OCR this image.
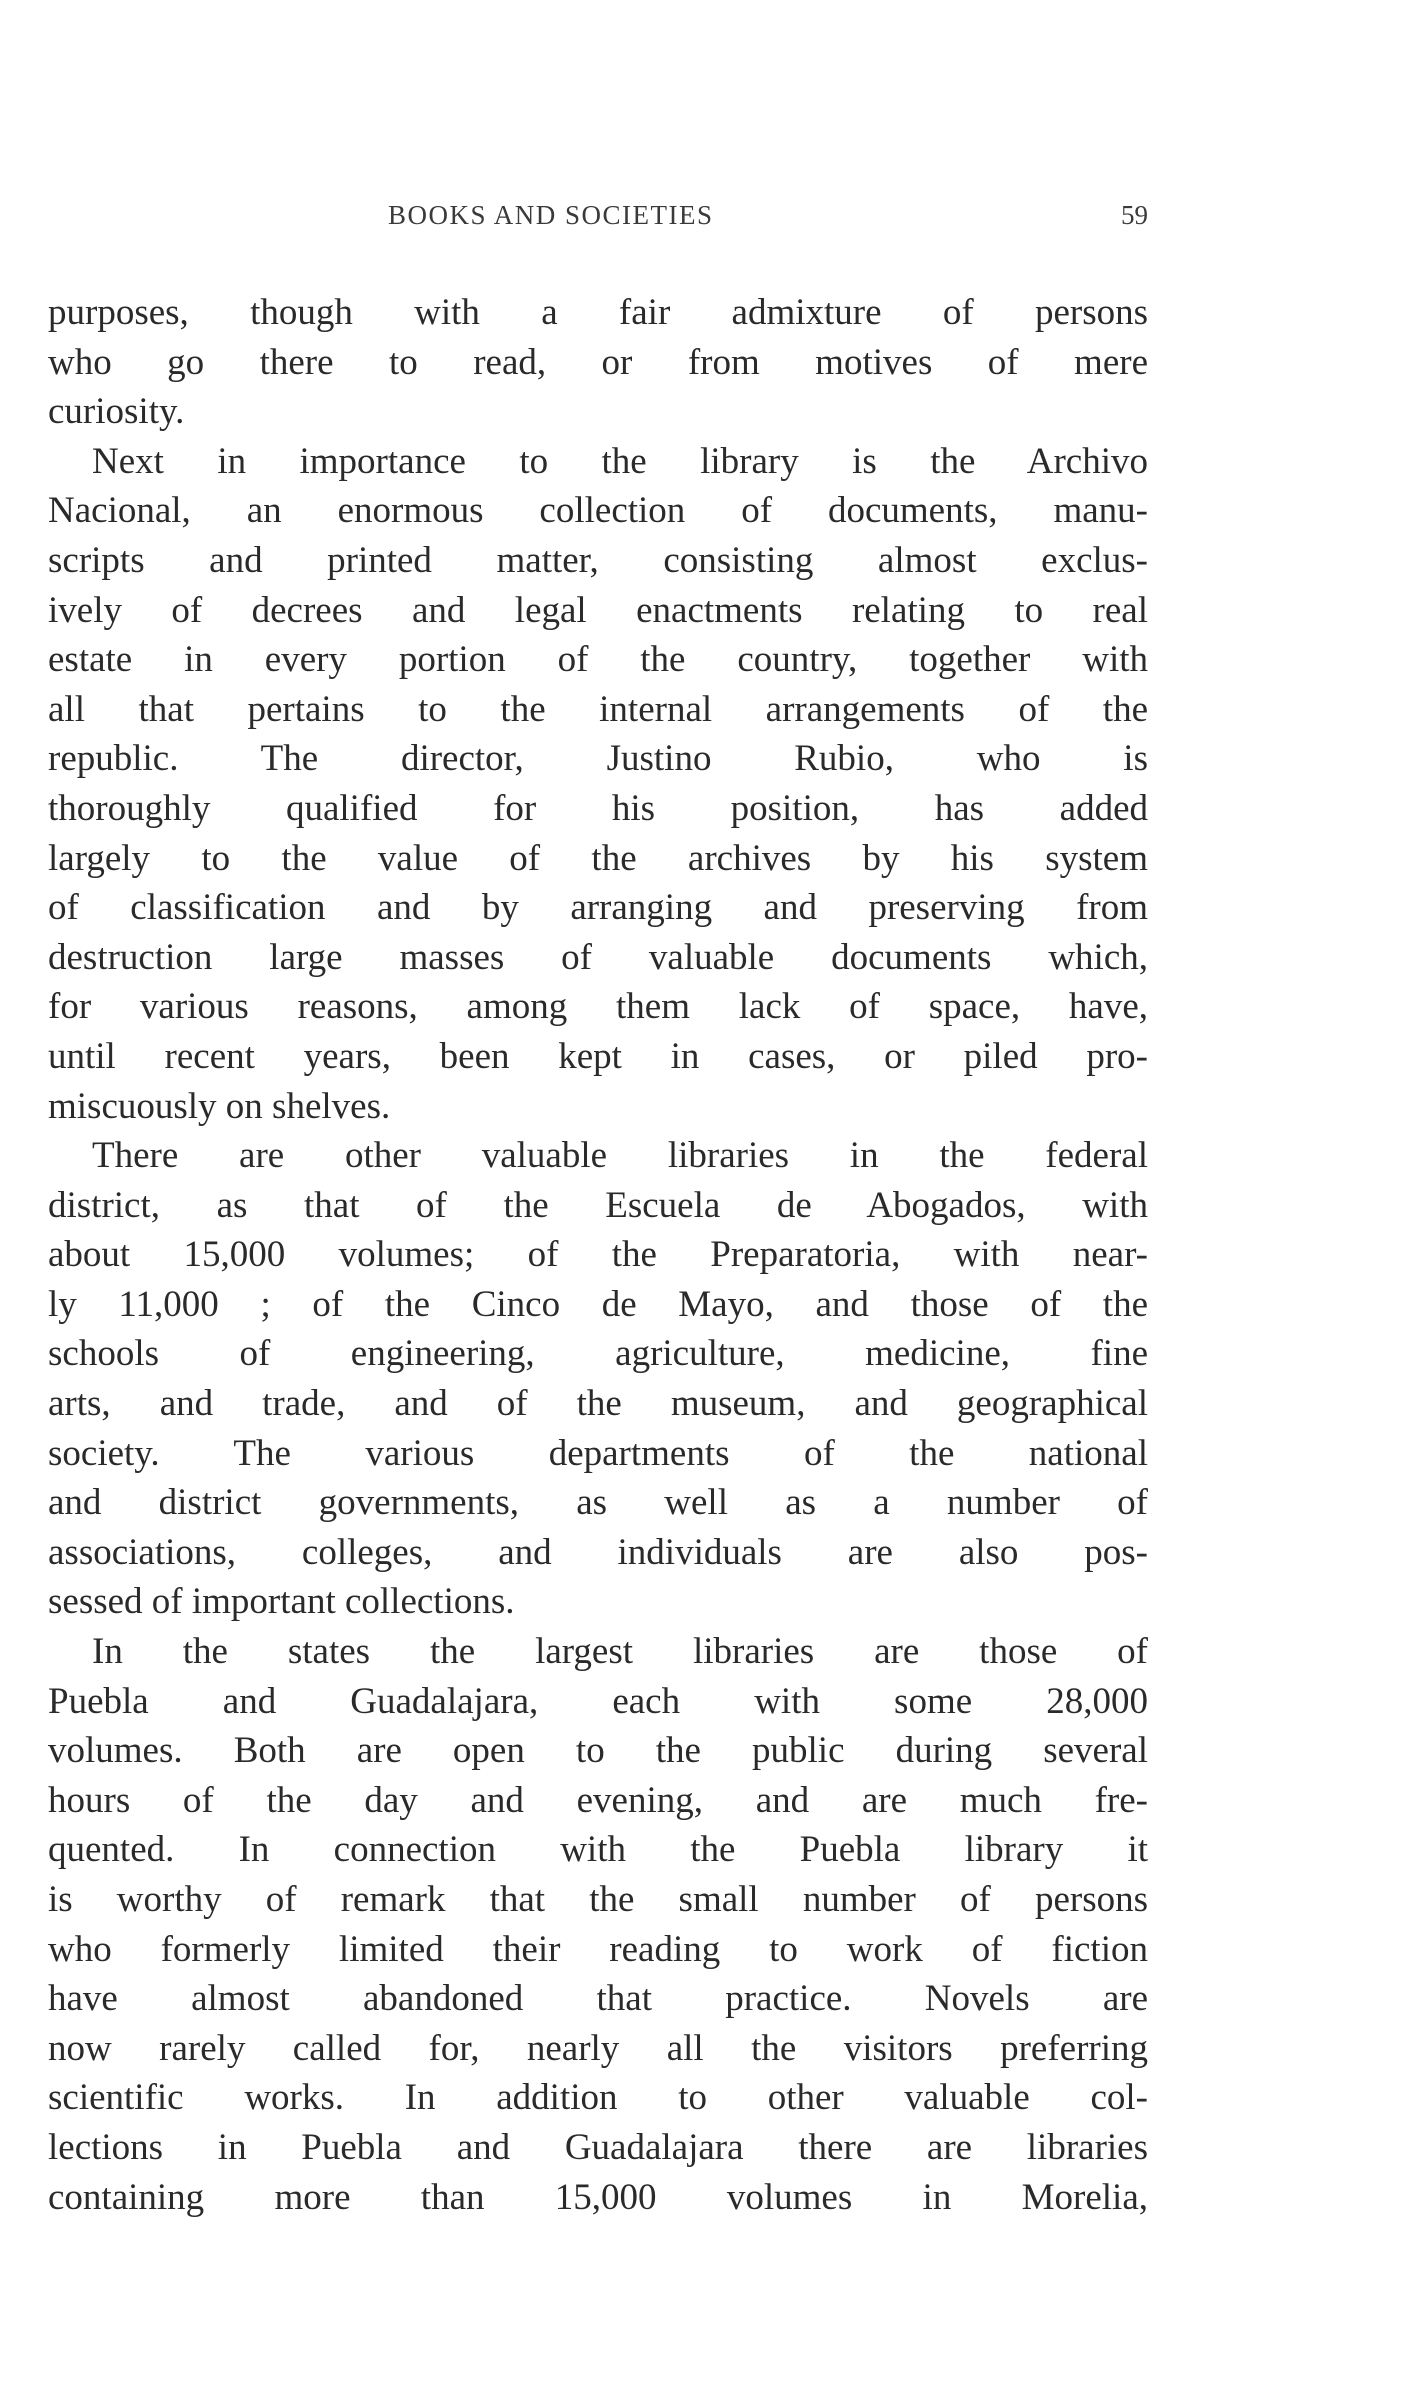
BOOKS AND SOCIETIES	59
purposes, though with a fair admixture of persons
who go there to read, or from motives of mere
curiosity.
Next in importance to the library is the Archivo
Nacional, an enormous collection of documents, manu-
scripts and printed matter, consisting almost exclus-
ively of decrees and legal enactments relating to real
estate in every portion of the country, together with
all that pertains to the internal arrangements of the
republic. The director, Justino Rubio, who is
thoroughly qualified for his position, has added
largely to the value of the archives by his system
of classification and by arranging and preserving from
destruction large masses of valuable documents which,
for various reasons, among them lack of space, have,
until recent years, been kept in cases, or piled pro-
miscuously on shelves.
There are other valuable libraries in the federal
district, as that of the Escuela de Abogados, with
about 15,000 volumes; of the Preparatoria, with near-
ly 11,000 ; of the Cinco de Mayo, and those of the
schools of engineering, agriculture, medicine, fine
arts, and trade, and of the museum, and geographical
society. The various departments of the national
and district governments, as well as a number of
associations, colleges, and individuals are also pos-
sessed of important collections.
In the states the largest libraries are those of
Puebla and Guadalajara, each with some 28,000
volumes. Both are open to the public during several
hours of the day and evening, and are much fre-
quented. In connection with the Puebla library it
is worthy of remark that the small number of persons
who formerly limited their reading to work of fiction
have almost abandoned that practice. Novels are
now rarely called for, nearly all the visitors preferring
scientific works. In addition to other valuable col-
lections in Puebla and Guadalajara there are libraries
containing more than 15,000 volumes in Morelia,
